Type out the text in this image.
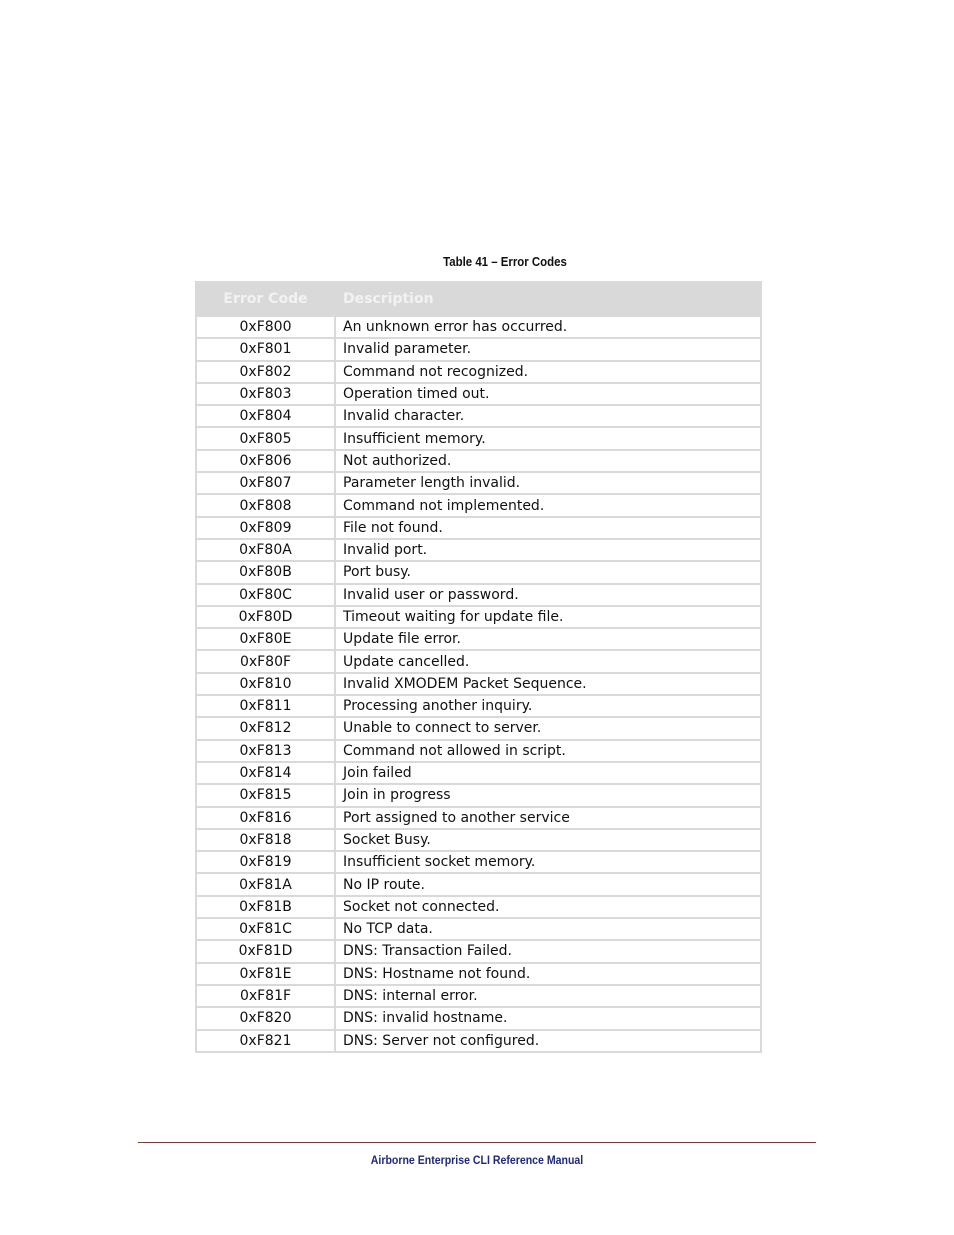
Table 41 – Error Codes
Error Code	Description
0xF800	An unknown error has occurred.
0xF801	Invalid parameter.
0xF802	Command not recognized.
0xF803	Operation timed out.
0xF804	Invalid character.
0xF805	Insufficient memory.
0xF806	Not authorized.
0xF807	Parameter length invalid.
0xF808	Command not implemented.
0xF809	File not found.
0xF80A	Invalid port.
0xF80B	Port busy.
0xF80C	Invalid user or password.
0xF80D	Timeout waiting for update file.
0xF80E	Update file error.
0xF80F	Update cancelled.
0xF810	Invalid XMODEM Packet Sequence.
0xF811	Processing another inquiry.
0xF812	Unable to connect to server.
0xF813	Command not allowed in script.
0xF814	Join failed
0xF815	Join in progress
0xF816	Port assigned to another service
0xF818	Socket Busy.
0xF819	Insufficient socket memory.
0xF81A	No IP route.
0xF81B	Socket not connected.
0xF81C	No TCP data.
0xF81D	DNS: Transaction Failed.
0xF81E	DNS: Hostname not found.
0xF81F	DNS: internal error.
0xF820	DNS: invalid hostname.
0xF821	DNS: Server not configured.
Airborne Enterprise CLI Reference Manual
